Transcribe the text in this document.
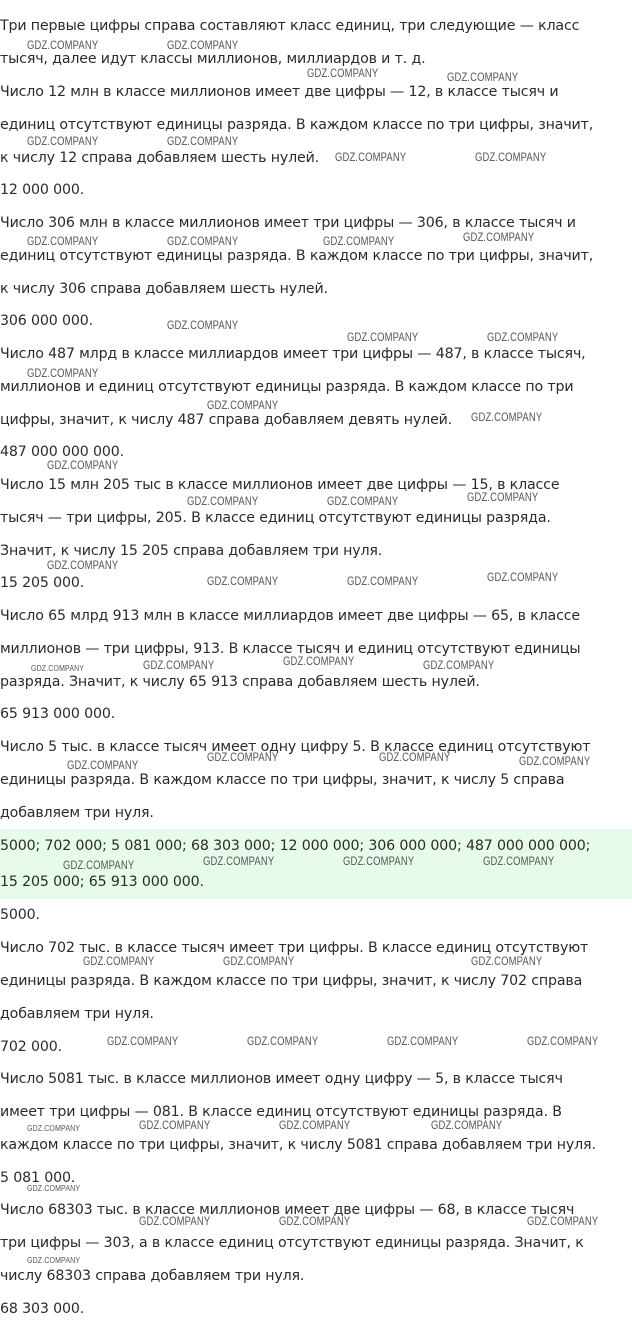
Три первые цифры справа составляют класс единиц, три следующие — класс
тысяч, далее идут классы миллионов, миллиардов и т. д.
Число 12 млн в классе миллионов имеет две цифры — 12, в классе тысяч и
единиц отсутствуют единицы разряда. В каждом классе по три цифры, значит,
к числу 12 справа добавляем шесть нулей.
12 000 000.
Число 306 млн в классе миллионов имеет три цифры — 306, в классе тысяч и
единиц отсутствуют единицы разряда. В каждом классе по три цифры, значит,
к числу 306 справа добавляем шесть нулей.
306 000 000.
Число 487 млрд в классе миллиардов имеет три цифры — 487, в классе тысяч,
миллионов и единиц отсутствуют единицы разряда. В каждом классе по три
цифры, значит, к числу 487 справа добавляем девять нулей.
487 000 000 000.
Число 15 млн 205 тыс в классе миллионов имеет две цифры — 15, в классе
тысяч — три цифры, 205. В классе единиц отсутствуют единицы разряда.
Значит, к числу 15 205 справа добавляем три нуля.
15 205 000.
Число 65 млрд 913 млн в классе миллиардов имеет две цифры — 65, в классе
миллионов — три цифры, 913. В классе тысяч и единиц отсутствуют единицы
разряда. Значит, к числу 65 913 справа добавляем шесть нулей.
65 913 000 000.
Число 5 тыс. в классе тысяч имеет одну цифру 5. В классе единиц отсутствуют
единицы разряда. В каждом классе по три цифры, значит, к числу 5 справа
добавляем три нуля.
5000; 702 000; 5 081 000; 68 303 000; 12 000 000; 306 000 000; 487 000 000 000;
15 205 000; 65 913 000 000.
5000.
Число 702 тыс. в классе тысяч имеет три цифры. В классе единиц отсутствуют
единицы разряда. В каждом классе по три цифры, значит, к числу 702 справа
добавляем три нуля.
702 000.
Число 5081 тыс. в классе миллионов имеет одну цифру — 5, в классе тысяч
имеет три цифры — 081. В классе единиц отсутствуют единицы разряда. В
каждом классе по три цифры, значит, к числу 5081 справа добавляем три нуля.
5 081 000.
Число 68303 тыс. в классе миллионов имеет две цифры — 68, в классе тысяч
три цифры — 303, а в классе единиц отсутствуют единицы разряда. Значит, к
числу 68303 справа добавляем три нуля.
68 303 000.
GDZ.COMPANY	GDZ.COMPANY
GDZ.COMPANY	GDZ.COMPANY
GDZ.COMPANY	GDZ.COMPANY
GDZ.COMPANY	GDZ.COMPANY
GDZ.COMPANY	GDZ.COMPANY	GDZ.COMPANY	GDZ.COMPANY
GDZ.COMPANY
GDZ.COMPANY	GDZ.COMPANY
GDZ.COMPANY
GDZ.COMPANY
GDZ.COMPANY
GDZ.COMPANY
GDZ.COMPANY	GDZ.COMPANY	GDZ.COMPANY
GDZ.COMPANY
GDZ.COMPANY	GDZ.COMPANY	GDZ.COMPANY
GDZ.COMPANY	GDZ.COMPANY	GDZ.COMPANY	GDZ.COMPANY
GDZ.COMPANY
GDZ.COMPANY	GDZ.COMPANY	GDZ.COMPANY
GDZ.COMPANY	GDZ.COMPANY	GDZ.COMPANY	GDZ.COMPANY
GDZ.COMPANY	GDZ.COMPANY	GDZ.COMPANY
GDZ.COMPANY	GDZ.COMPANY	GDZ.COMPANY	GDZ.COMPANY
GDZ.COMPANY	GDZ.COMPANY	GDZ.COMPANY	GDZ.COMPANY
GDZ.COMPANY
GDZ.COMPANY	GDZ.COMPANY	GDZ.COMPANY
GDZ.COMPANY
